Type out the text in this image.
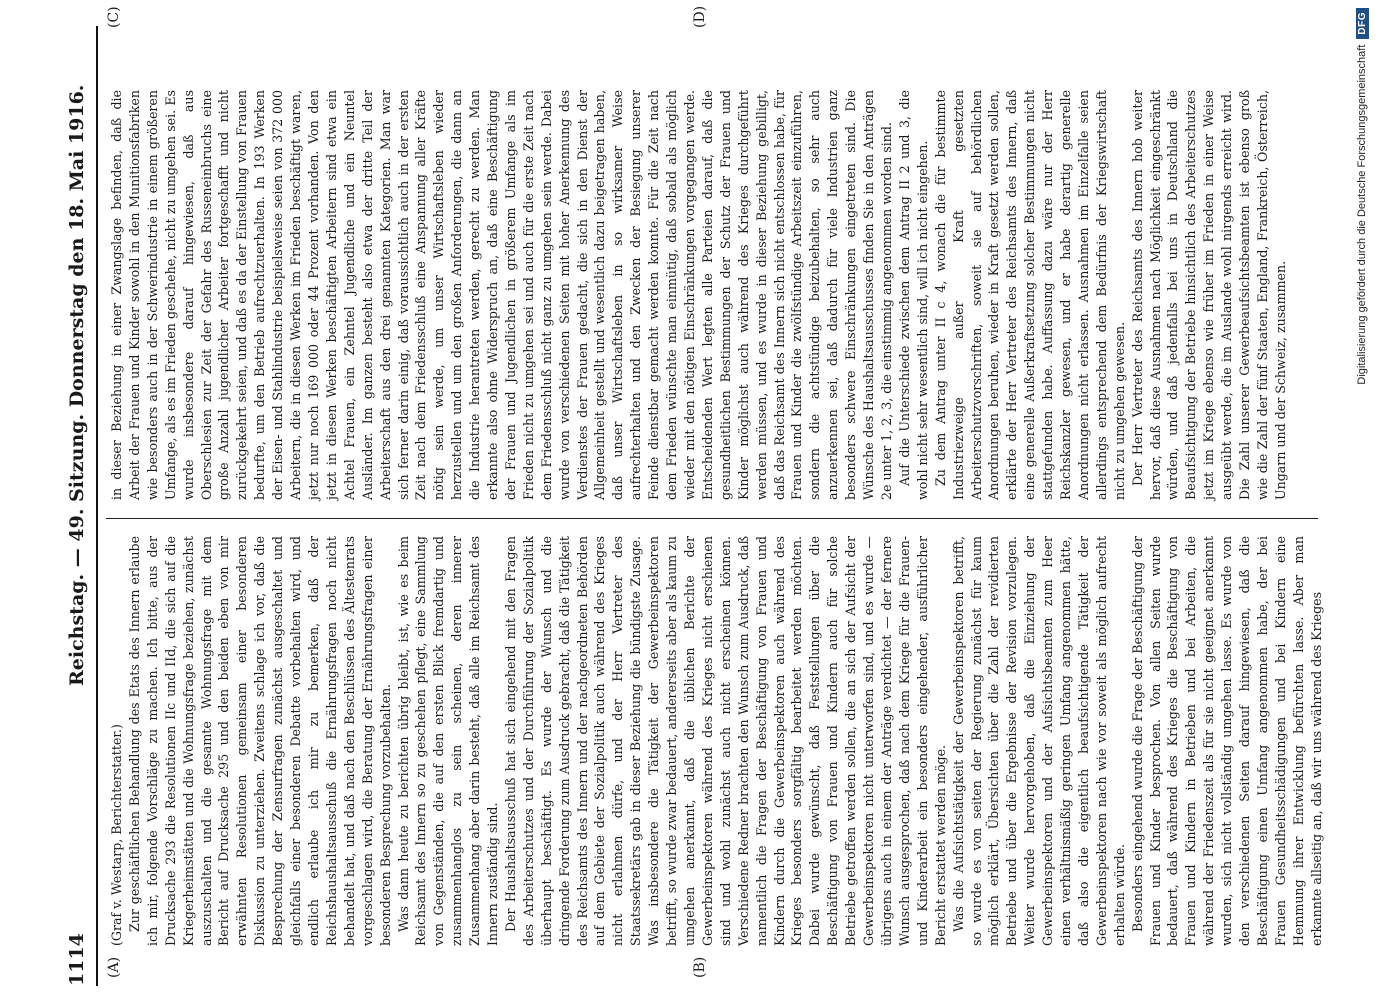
1114
Reichstag. — 49. Sitzung. Donnerstag den 18. Mai 1916.
(A)	(B)
(C)	(D)

(Graf v. Westarp, Berichterstatter.) Zur geschäftlichen Behandlung des Etats des Innern erlaube ich mir, folgende Vorschläge zu machen. Ich bitte, aus der Drucksache 293 die Resolutionen IIc und IId, die sich auf die Kriegerheimstätten und die Wohnungsfrage beziehen, zunächst auszuschalten und die gesamte Wohnungsfrage mit dem Bericht auf Drucksache 295 und den beiden eben von mir erwähnten Resolutionen gemeinsam einer besonderen Diskussion zu unterziehen. Zweitens schlage ich vor, daß die Besprechung der Zensurfragen zunächst ausgeschaltet und gleichfalls einer besonderen Debatte vorbehalten wird, und endlich erlaube ich mir zu bemerken, daß der Reichshaushaltsausschuß die Ernährungsfragen noch nicht behandelt hat, und daß nach den Beschlüssen des Ältestenrats vorgeschlagen wird, die Beratung der Ernährungsfragen einer besonderen Besprechung vorzubehalten. Was dann heute zu berichten übrig bleibt, ist, wie es beim Reichsamt des Innern so zu geschehen pflegt, eine Sammlung von Gegenständen, die auf den ersten Blick fremdartig und zusammenhanglos zu sein scheinen, deren innerer Zusammenhang aber darin besteht, daß alle im Reichsamt des Innern zuständig sind. Der Haushaltsausschuß hat sich eingehend mit den Fragen des Arbeiterschutzes und der Durchführung der Sozialpolitik überhaupt beschäftigt. Es wurde der Wunsch und die dringende Forderung zum Ausdruck gebracht, daß die Tätigkeit des Reichsamts des Innern und der nachgeordneten Behörden auf dem Gebiete der Sozialpolitik auch während des Krieges nicht erlahmen dürfe, und der Herr Vertreter des Staatssekretärs gab in dieser Beziehung die bündigste Zusage. Was insbesondere die Tätigkeit der Gewerbeinspektoren betrifft, so wurde zwar bedauert, andererseits aber als kaum zu umgehen anerkannt, daß die üblichen Berichte der Gewerbeinspektoren während des Krieges nicht erschienen sind und wohl zunächst auch nicht erscheinen können. Verschiedene Redner brachten den Wunsch zum Ausdruck, daß namentlich die Fragen der Beschäftigung von Frauen und Kindern durch die Gewerbeinspektoren auch während des Krieges besonders sorgfältig bearbeitet werden möchten. Dabei wurde gewünscht, daß Feststellungen über die Beschäftigung von Frauen und Kindern auch für solche Betriebe getroffen werden sollen, die an sich der Aufsicht der Gewerbeinspektoren nicht unterworfen sind, und es wurde — übrigens auch in einem der Anträge verdichtet — der fernere Wunsch ausgesprochen, daß nach dem Kriege für die Frauen- und Kinderarbeit ein besonders eingehender, ausführlicher Bericht erstattet werden möge. Was die Aufsichtstätigkeit der Gewerbeinspektoren betrifft, so wurde es von seiten der Regierung zunächst für kaum möglich erklärt, Übersichten über die Zahl der revidierten Betriebe und über die Ergebnisse der Revision vorzulegen. Weiter wurde hervorgehoben, daß die Einziehung der Gewerbeinspektoren und der Aufsichtsbeamten zum Heer einen verhältnismäßig geringen Umfang angenommen hätte, daß also die eigentlich beaufsichtigende Tätigkeit der Gewerbeinspektoren nach wie vor soweit als möglich aufrecht erhalten würde. Besonders eingehend wurde die Frage der Beschäftigung der Frauen und Kinder besprochen. Von allen Seiten wurde bedauert, daß während des Krieges die Beschäftigung von Frauen und Kindern in Betrieben und bei Arbeiten, die während der Friedenszeit als für sie nicht geeignet anerkannt wurden, sich nicht vollständig umgehen lasse. Es wurde von den verschiedenen Seiten darauf hingewiesen, daß die Beschäftigung einen Umfang angenommen habe, der bei Frauen Gesundheitsschädigungen und bei Kindern eine Hemmung ihrer Entwicklung befürchten lasse. Aber man erkannte allseitig an, daß wir uns während des Krieges

in dieser Beziehung in einer Zwangslage befinden, daß die Arbeit der Frauen und Kinder sowohl in den Munitionsfabriken wie besonders auch in der Schwerindustrie in einem größeren Umfange, als es im Frieden geschehe, nicht zu umgehen sei. Es wurde insbesondere darauf hingewiesen, daß aus Oberschlesien zur Zeit der Gefahr des Russeneinbruchs eine große Anzahl jugendlicher Arbeiter fortgeschafft und nicht zurückgekehrt seien, und daß es da der Einstellung von Frauen bedurfte, um den Betrieb aufrechtzuerhalten. In 193 Werken der Eisen- und Stahlindustrie beispielsweise seien von 372 000 Arbeitern, die in diesen Werken im Frieden beschäftigt waren, jetzt nur noch 169 000 oder 44 Prozent vorhanden. Von den jetzt in diesen Werken beschäftigten Arbeitern sind etwa ein Achtel Frauen, ein Zehntel Jugendliche und ein Neuntel Ausländer. Im ganzen besteht also etwa der dritte Teil der Arbeiterschaft aus den drei genannten Kategorien. Man war sich ferner darin einig, daß voraussichtlich auch in der ersten Zeit nach dem Friedensschluß eine Anspannung aller Kräfte nötig sein werde, um unser Wirtschaftsleben wieder herzustellen und um den großen Anforderungen, die dann an die Industrie herantreten werden, gerecht zu werden. Man erkannte also ohne Widerspruch an, daß eine Beschäftigung der Frauen und Jugendlichen in größerem Umfange als im Frieden nicht zu umgehen sei und auch für die erste Zeit nach dem Friedensschluß nicht ganz zu umgehen sein werde. Dabei wurde von verschiedenen Seiten mit hoher Anerkennung des Verdienstes der Frauen gedacht, die sich in den Dienst der Allgemeinheit gestellt und wesentlich dazu beigetragen haben, daß unser Wirtschaftsleben in so wirksamer Weise aufrechterhalten und den Zwecken der Besiegung unserer Feinde dienstbar gemacht werden konnte. Für die Zeit nach dem Frieden wünschte man einmütig, daß sobald als möglich wieder mit den nötigen Einschränkungen vorgegangen werde. Entscheidenden Wert legten alle Parteien darauf, daß die gesundheitlichen Bestimmungen der Schutz der Frauen und Kinder möglichst auch während des Krieges durchgeführt werden müssen, und es wurde in dieser Beziehung gebilligt, daß das Reichsamt des Innern sich nicht entschlossen habe, für Frauen und Kinder die zwölfstündige Arbeitszeit einzuführen, sondern die achtstündige beizubehalten, so sehr auch anzuerkennen sei, daß dadurch für viele Industrien ganz besonders schwere Einschränkungen eingetreten sind. Die Wünsche des Haushaltsausschusses finden Sie in den Anträgen 2e unter 1, 2, 3, die einstimmig angenommen worden sind. Auf die Unterschiede zwischen dem Antrag II 2 und 3, die wohl nicht sehr wesentlich sind, will ich nicht eingehen. Zu dem Antrag unter II c 4, wonach die für bestimmte Industriezweige außer Kraft gesetzten Arbeiterschutzvorschriften, soweit sie auf behördlichen Anordnungen beruhen, wieder in Kraft gesetzt werden sollen, erklärte der Herr Vertreter des Reichsamts des Innern, daß eine generelle Außerkraftsetzung solcher Bestimmungen nicht stattgefunden habe. Auffassung dazu wäre nur der Herr Reichskanzler gewesen, und er habe derartig generelle Anordnungen nicht erlassen. Ausnahmen im Einzelfalle seien allerdings entsprechend dem Bedürfnis der Kriegswirtschaft nicht zu umgehen gewesen. Der Herr Vertreter des Reichsamts des Innern hob weiter hervor, daß diese Ausnahmen nach Möglichkeit eingeschränkt würden, und daß jedenfalls bei uns in Deutschland die Beaufsichtigung der Betriebe hinsichtlich des Arbeiterschutzes jetzt im Kriege ebenso wie früher im Frieden in einer Weise ausgeübt werde, die im Auslande wohl nirgends erreicht wird. Die Zahl unserer Gewerbeaufsichtsbeamten ist ebenso groß wie die Zahl der fünf Staaten, England, Frankreich, Österreich, Ungarn und der Schweiz, zusammen.	Digitalisierung gefördert durch die Deutsche Forschungsgemeinschaft
DFG
